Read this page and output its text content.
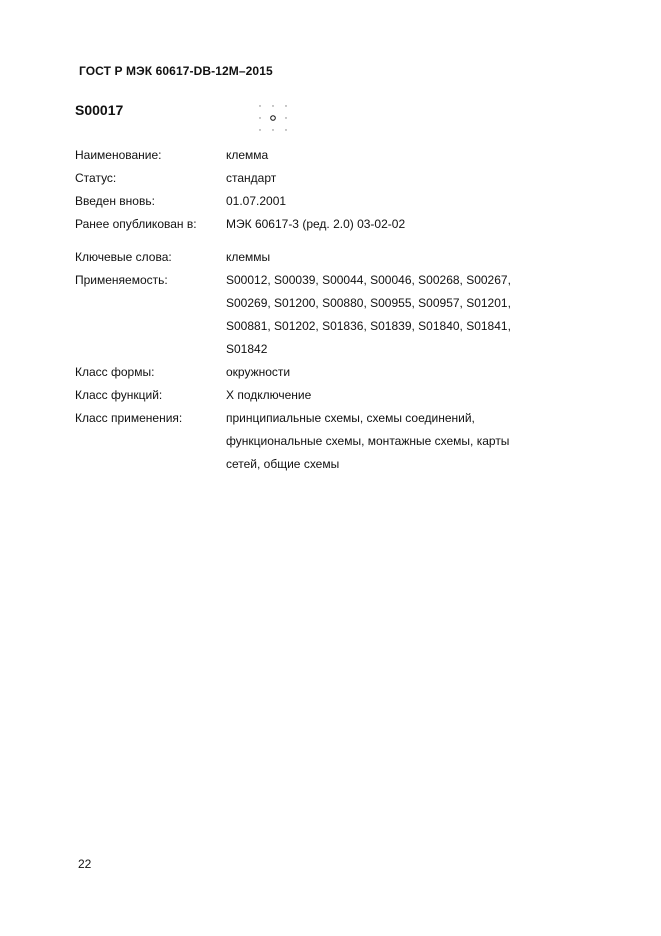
ГОСТ Р МЭК 60617-DB-12М–2015
S00017
Наименование:	клемма
Статус:	стандарт
Введен вновь:	01.07.2001
Ранее опубликован в: МЭК 60617-3 (ред. 2.0) 03-02-02
Ключевые слова:	клеммы
Применяемость:	S00012, S00039, S00044, S00046, S00268, S00267,
S00269, S01200, S00880, S00955, S00957, S01201,
S00881, S01202, S01836, S01839, S01840, S01841,
S01842
Класс формы:	окружности
Класс функций:	Х подключение
Класс применения:	принципиальные схемы, схемы соединений,
функциональные схемы, монтажные схемы, карты
сетей, общие схемы
22
